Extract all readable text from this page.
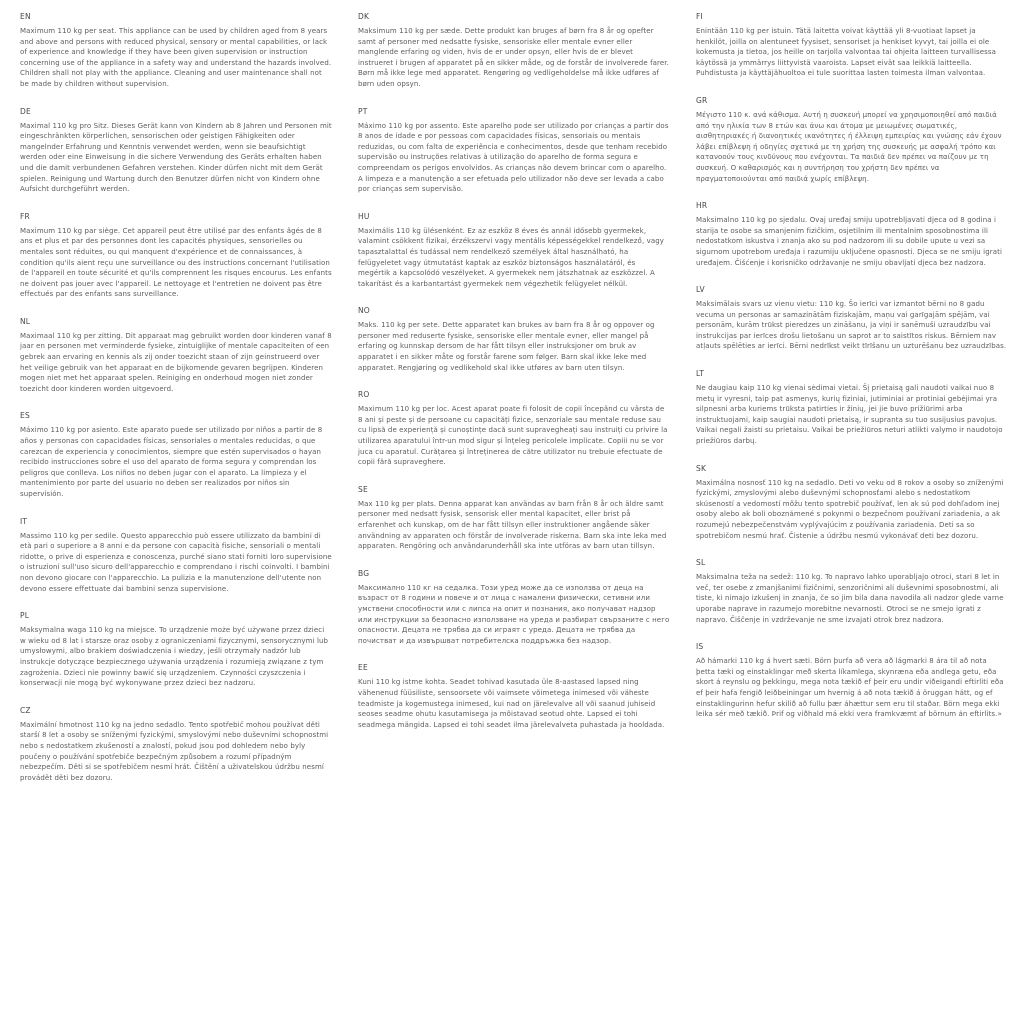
EN

Maximum 110 kg per seat. This appliance can be used by children aged from 8 years and above and persons with reduced physical, sensory or mental capabilities, or lack of experience and knowledge if they have been given supervision or instruction concerning use of the appliance in a safety way and understand the hazards involved. Children shall not play with the appliance. Cleaning and user maintenance shall not be made by children without supervision.

DE

Maximal 110 kg pro Sitz. Dieses Gerät kann von Kindern ab 8 Jahren und Personen mit eingeschränkten körperlichen, sensorischen oder geistigen Fähigkeiten oder mangelnder Erfahrung und Kenntnis verwendet werden, wenn sie beaufsichtigt werden oder eine Einweisung in die sichere Verwendung des Geräts erhalten haben und die damit verbundenen Gefahren verstehen. Kinder dürfen nicht mit dem Gerät spielen. Reinigung und Wartung durch den Benutzer dürfen nicht von Kindern ohne Aufsicht durchgeführt werden.

FR

Maximum 110 kg par siège. Cet appareil peut être utilisé par des enfants âgés de 8 ans et plus et par des personnes dont les capacités physiques, sensorielles ou mentales sont réduites, ou qui manquent d'expérience et de connaissances, à condition qu'ils aient reçu une surveillance ou des instructions concernant l'utilisation de l'appareil en toute sécurité et qu'ils comprennent les risques encourus. Les enfants ne doivent pas jouer avec l'appareil. Le nettoyage et l'entretien ne doivent pas être effectués par des enfants sans surveillance.

NL

Maximaal 110 kg per zitting. Dit apparaat mag gebruikt worden door kinderen vanaf 8 jaar en personen met verminderde fysieke, zintuiglijke of mentale capaciteiten of een gebrek aan ervaring en kennis als zij onder toezicht staan of zijn geinstrueerd over het veilige gebruik van het apparaat en de bijkomende gevaren begrijpen. Kinderen mogen niet met het apparaat spelen. Reiniging en onderhoud mogen niet zonder toezicht door kinderen worden uitgevoerd.

ES

Máximo 110 kg por asiento. Este aparato puede ser utilizado por niños a partir de 8 años y personas con capacidades físicas, sensoriales o mentales reducidas, o que carezcan de experiencia y conocimientos, siempre que estén supervisados o hayan recibido instrucciones sobre el uso del aparato de forma segura y comprendan los peligros que conlleva. Los niños no deben jugar con el aparato. La limpieza y el mantenimiento por parte del usuario no deben ser realizados por niños sin supervisión.

IT

Massimo 110 kg per sedile. Questo apparecchio può essere utilizzato da bambini di età pari o superiore a 8 anni e da persone con capacità fisiche, sensoriali o mentali ridotte, o prive di esperienza e conoscenza, purché siano stati forniti loro supervisione o istruzioni sull'uso sicuro dell'apparecchio e comprendano i rischi coinvolti. I bambini non devono giocare con l'apparecchio. La pulizia e la manutenzione dell'utente non devono essere effettuate dai bambini senza supervisione.

PL

Maksymalna waga 110 kg na miejsce. To urządzenie może być używane przez dzieci w wieku od 8 lat i starsze oraz osoby z ograniczeniami fizycznymi, sensorycznymi lub umysłowymi, albo brakiem doświadczenia i wiedzy, jeśli otrzymały nadzór lub instrukcje dotyczące bezpiecznego używania urządzenia i rozumieją związane z tym zagrożenia. Dzieci nie powinny bawić się urządzeniem. Czynności czyszczenia i konserwacji nie mogą być wykonywane przez dzieci bez nadzoru.

CZ

Maximální hmotnost 110 kg na jedno sedadlo. Tento spotřebič mohou používat děti starší 8 let a osoby se sníženými fyzickými, smyslovými nebo duševními schopnostmi nebo s nedostatkem zkušeností a znalostí, pokud jsou pod dohledem nebo byly poučeny o používání spotřebiče bezpečným způsobem a rozumí případným nebezpečím. Děti si se spotřebičem nesmí hrát. Čištění a uživatelskou údržbu nesmí provádět děti bez dozoru.

DK

Maksimum 110 kg per sæde. Dette produkt kan bruges af børn fra 8 år og opefter samt af personer med nedsatte fysiske, sensoriske eller mentale evner eller manglende erfaring og viden, hvis de er under opsyn, eller hvis de er blevet instrueret i brugen af apparatet på en sikker måde, og de forstår de involverede farer. Børn må ikke lege med apparatet. Rengøring og vedligeholdelse må ikke udføres af børn uden opsyn.

PT

Máximo 110 kg por assento. Este aparelho pode ser utilizado por crianças a partir dos 8 anos de idade e por pessoas com capacidades físicas, sensoriais ou mentais reduzidas, ou com falta de experiência e conhecimentos, desde que tenham recebido supervisão ou instruções relativas à utilização do aparelho de forma segura e compreendam os perigos envolvidos. As crianças não devem brincar com o aparelho. A limpeza e a manutenção a ser efetuada pelo utilizador não deve ser levada a cabo por crianças sem supervisão.

HU

Maximális 110 kg ülésenként. Ez az eszköz 8 éves és annál idősebb gyermekek, valamint csökkent fizikai, érzékszervi vagy mentális képességekkel rendelkező, vagy tapasztalattal és tudással nem rendelkező személyek által használható, ha felügyeletet vagy útmutatást kaptak az eszköz biztonságos használatáról, és megértik a kapcsolódó veszélyeket. A gyermekek nem játszhatnak az eszközzel. A takarítást és a karbantartást gyermekek nem végezhetik felügyelet nélkül.

NO

Maks. 110 kg per sete. Dette apparatet kan brukes av barn fra 8 år og oppover og personer med reduserte fysiske, sensoriske eller mentale evner, eller mangel på erfaring og kunnskap dersom de har fått tilsyn eller instruksjoner om bruk av apparatet i en sikker måte og forstår farene som følger. Barn skal ikke leke med apparatet. Rengjøring og vedlikehold skal ikke utføres av barn uten tilsyn.

RO

Maximum 110 kg per loc. Acest aparat poate fi folosit de copii începând cu vârsta de 8 ani și peste și de persoane cu capacități fizice, senzoriale sau mentale reduse sau cu lipsă de experiență și cunoștințe dacă sunt supravegheați sau instruiți cu privire la utilizarea aparatului într-un mod sigur și înțeleg pericolele implicate. Copiii nu se vor juca cu aparatul. Curățarea și întreținerea de către utilizator nu trebuie efectuate de copii fără supraveghere.

SE

Max 110 kg per plats. Denna apparat kan användas av barn från 8 år och äldre samt personer med nedsatt fysisk, sensorisk eller mental kapacitet, eller brist på erfarenhet och kunskap, om de har fått tillsyn eller instruktioner angående säker användning av apparaten och förstår de involverade riskerna. Barn ska inte leka med apparaten. Rengöring och användarunderhåll ska inte utföras av barn utan tillsyn.

BG

Максимално 110 кг на седалка. Този уред може да се използва от деца на възраст от 8 години и повече и от лица с намалени физически, сетивни или умствени способности или с липса на опит и познания, ако получават надзор или инструкции за безопасно използване на уреда и разбират свързаните с него опасности. Децата не трябва да си играят с уреда. Децата не трябва да почистват и да извършват потребителска поддръжка без надзор.

EE

Kuni 110 kg istme kohta. Seadet tohivad kasutada üle 8-aastased lapsed ning vähenenud füüsiliste, sensoorsete või vaimsete võimetega inimesed või väheste teadmiste ja kogemustega inimesed, kui nad on järelevalve all või saanud juhiseid seoses seadme ohutu kasutamisega ja mõistavad seotud ohte. Lapsed ei tohi seadmega mängida. Lapsed ei tohi seadet ilma järelevalveta puhastada ja hooldada.

FI

Enintään 110 kg per istuin. Tätä laitetta voivat käyttää yli 8-vuotiaat lapset ja henkilöt, joilla on alentuneet fyysiset, sensoriset ja henkiset kyvyt, tai joilla ei ole kokemusta ja tietoa, jos heille on tarjolla valvontaa tai ohjeita laitteen turvallisessa käytössä ja ymmärrys liittyvistä vaaroista. Lapset eivät saa leikkiä laitteella. Puhdistusta ja käyttäjähuoltoa ei tule suorittaa lasten toimesta ilman valvontaa.

GR

Μέγιστο 110 κ. ανά κάθισμα. Αυτή η συσκευή μπορεί να χρησιμοποιηθεί από παιδιά από την ηλικία των 8 ετών και άνω και άτομα με μειωμένες σωματικές, αισθητηριακές ή διανοητικές ικανότητες ή έλλειψη εμπειρίας και γνώσης εάν έχουν λάβει επίβλεψη ή οδηγίες σχετικά με τη χρήση της συσκευής με ασφαλή τρόπο και κατανοούν τους κινδύνους που ενέχονται. Τα παιδιά δεν πρέπει να παίζουν με τη συσκευή. Ο καθαρισμός και η συντήρηση του χρήστη δεν πρέπει να πραγματοποιούνται από παιδιά χωρίς επίβλεψη.

HR

Maksimalno 110 kg po sjedalu. Ovaj uređaj smiju upotrebljavati djeca od 8 godina i starija te osobe sa smanjenim fizičkim, osjetilnim ili mentalnim sposobnostima ili nedostatkom iskustva i znanja ako su pod nadzorom ili su dobile upute u vezi sa sigurnom upotrebom uređaja i razumiju uključene opasnosti. Djeca se ne smiju igrati uređajem. Čišćenje i korisničko održavanje ne smiju obavljati djeca bez nadzora.

LV

Maksimālais svars uz vienu vietu: 110 kg. Šo ierīci var izmantot bērni no 8 gadu vecuma un personas ar samazinātām fiziskajām, maņu vai garīgajām spējām, vai personām, kurām trūkst pieredzes un zināšanu, ja viņi ir sanēmuši uzraudzību vai instrukcijas par ierīces drošu lietošanu un saprot ar to saistītos riskus. Bērniem nav atļauts spēlēties ar ierīci. Bērni nedrīkst veikt tīrīšanu un uzturēšanu bez uzraudzības.

LT

Ne daugiau kaip 110 kg vienai sėdimai vietai. Šį prietaisą gali naudoti vaikai nuo 8 metų ir vyresni, taip pat asmenys, kurių fiziniai, jutiminiai ar protiniai gebėjimai yra silpnesni arba kuriems trūksta patirties ir žinių, jei jie buvo prižiūrimi arba instruktuojami, kaip saugiai naudoti prietaisą, ir supranta su tuo susijusius pavojus. Vaikai negali žaisti su prietaisu. Vaikai be priežiūros neturi atlikti valymo ir naudotojo priežiūros darbų.

SK

Maximálna nosnosť 110 kg na sedadlo. Deti vo veku od 8 rokov a osoby so zníženými fyzickými, zmyslovými alebo duševnými schopnosťami alebo s nedostatkom skúseností a vedomostí môžu tento spotrebič používať, len ak sú pod dohľadom inej osoby alebo ak boli oboznámené s pokynmi o bezpečnom používaní zariadenia, a ak rozumejú nebezpečenstvám vyplývajúcim z používania zariadenia. Deti sa so spotrebičom nesmú hrať. Čistenie a údržbu nesmú vykonávať deti bez dozoru.

SL

Maksimalna teža na sedež: 110 kg. To napravo lahko uporabljajo otroci, stari 8 let in več, ter osebe z zmanjšanimi fizičnimi, senzoričnimi ali duševnimi sposobnostmi, ali tiste, ki nimajo izkušenj in znanja, če so jim bila dana navodila ali nadzor glede varne uporabe naprave in razumejo morebitne nevarnosti. Otroci se ne smejo igrati z napravo. Čiščenje in vzdrževanje ne sme izvajati otrok brez nadzora.

IS

Að hámarki 110 kg á hvert sæti. Börn þurfa að vera að lágmarki 8 ára til að nota þetta tæki og einstaklingar með skerta líkamlega, skynræna eða andlega getu, eða skort á reynslu og þekkingu, mega nota tækið ef þeir eru undir viðeigandi eftirliti eða ef þeir hafa fengið leiðbeiningar um hvernig á að nota tækið á öruggan hátt, og ef einstaklingurinn hefur skilið að fullu þær áhættur sem eru til staðar. Börn mega ekki leika sér með tækið. Þrif og viðhald má ekki vera framkvæmt af börnum án eftirlits.»
